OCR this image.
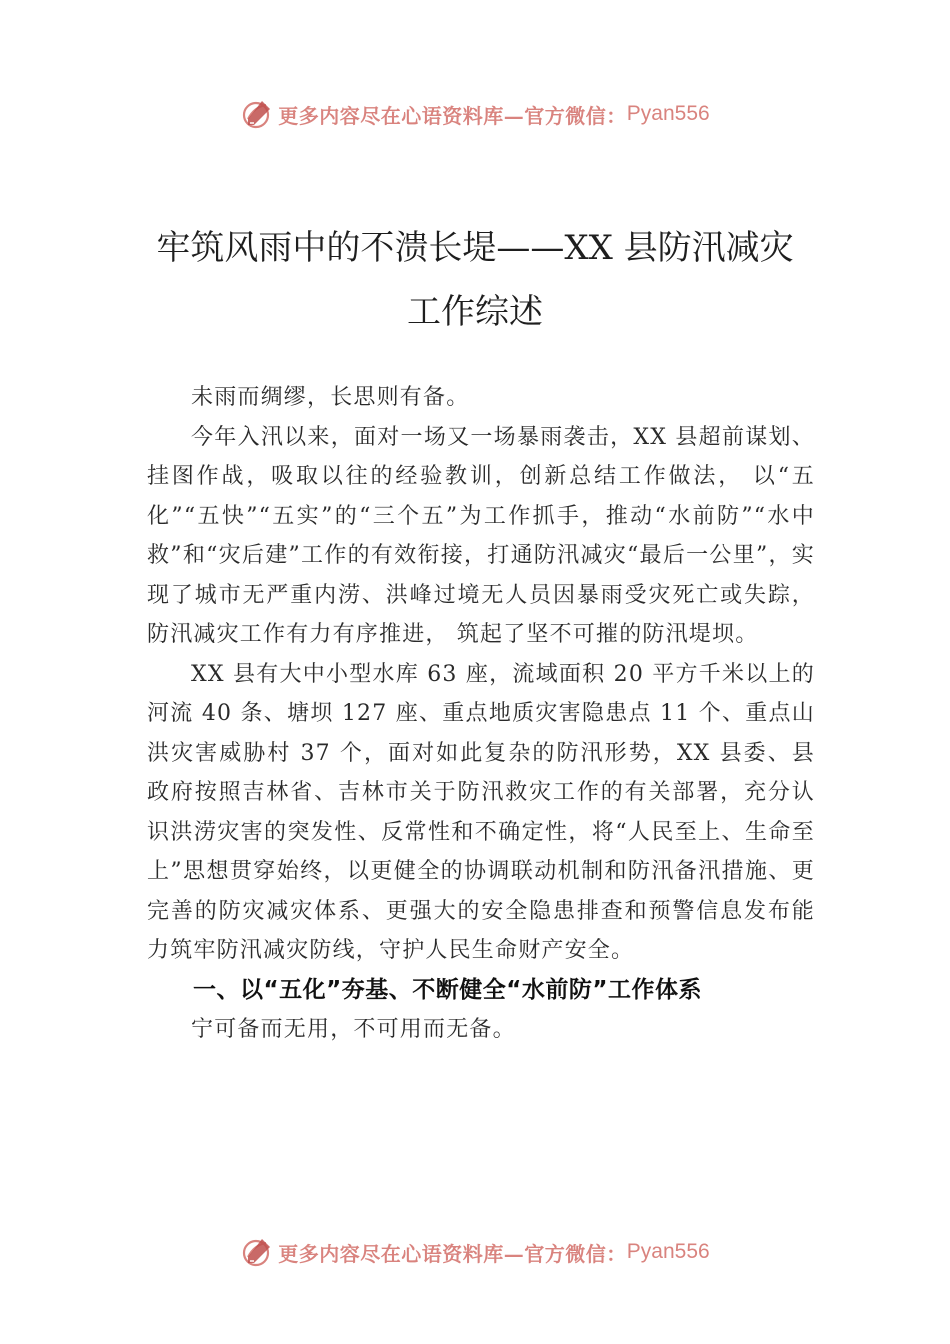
更多内容尽在心语资料库—官方微信： Pyan556
牢筑风雨中的不溃长堤——XX 县防汛减灾
工作综述

未雨而绸缪，长思则有备。

今年入汛以来，面对一场又一场暴雨袭击，XX 县超前谋划、挂图作战，吸取以往的经验教训，创新总结工作做法， 以“五化”“五快”“五实”的“三个五”为工作抓手，推动“水前防”“水中救”和“灾后建”工作的有效衔接，打通防汛减灾“最后一公里”，实现了城市无严重内涝、洪峰过境无人员因暴雨受灾死亡或失踪，防汛减灾工作有力有序推进， 筑起了坚不可摧的防汛堤坝。

XX 县有大中小型水库 63 座，流域面积 20 平方千米以上的河流 40 条、塘坝 127 座、重点地质灾害隐患点 11 个、重点山洪灾害威胁村 37 个，面对如此复杂的防汛形势，XX 县委、县政府按照吉林省、吉林市关于防汛救灾工作的有关部署，充分认识洪涝灾害的突发性、反常性和不确定性，将“人民至上、生命至上”思想贯穿始终，以更健全的协调联动机制和防汛备汛措施、更完善的防灾减灾体系、更强大的安全隐患排查和预警信息发布能力筑牢防汛减灾防线，守护人民生命财产安全。

一、以“五化”夯基、不断健全“水前防”工作体系

宁可备而无用，不可用而无备。

更多内容尽在心语资料库—官方微信： Pyan556
